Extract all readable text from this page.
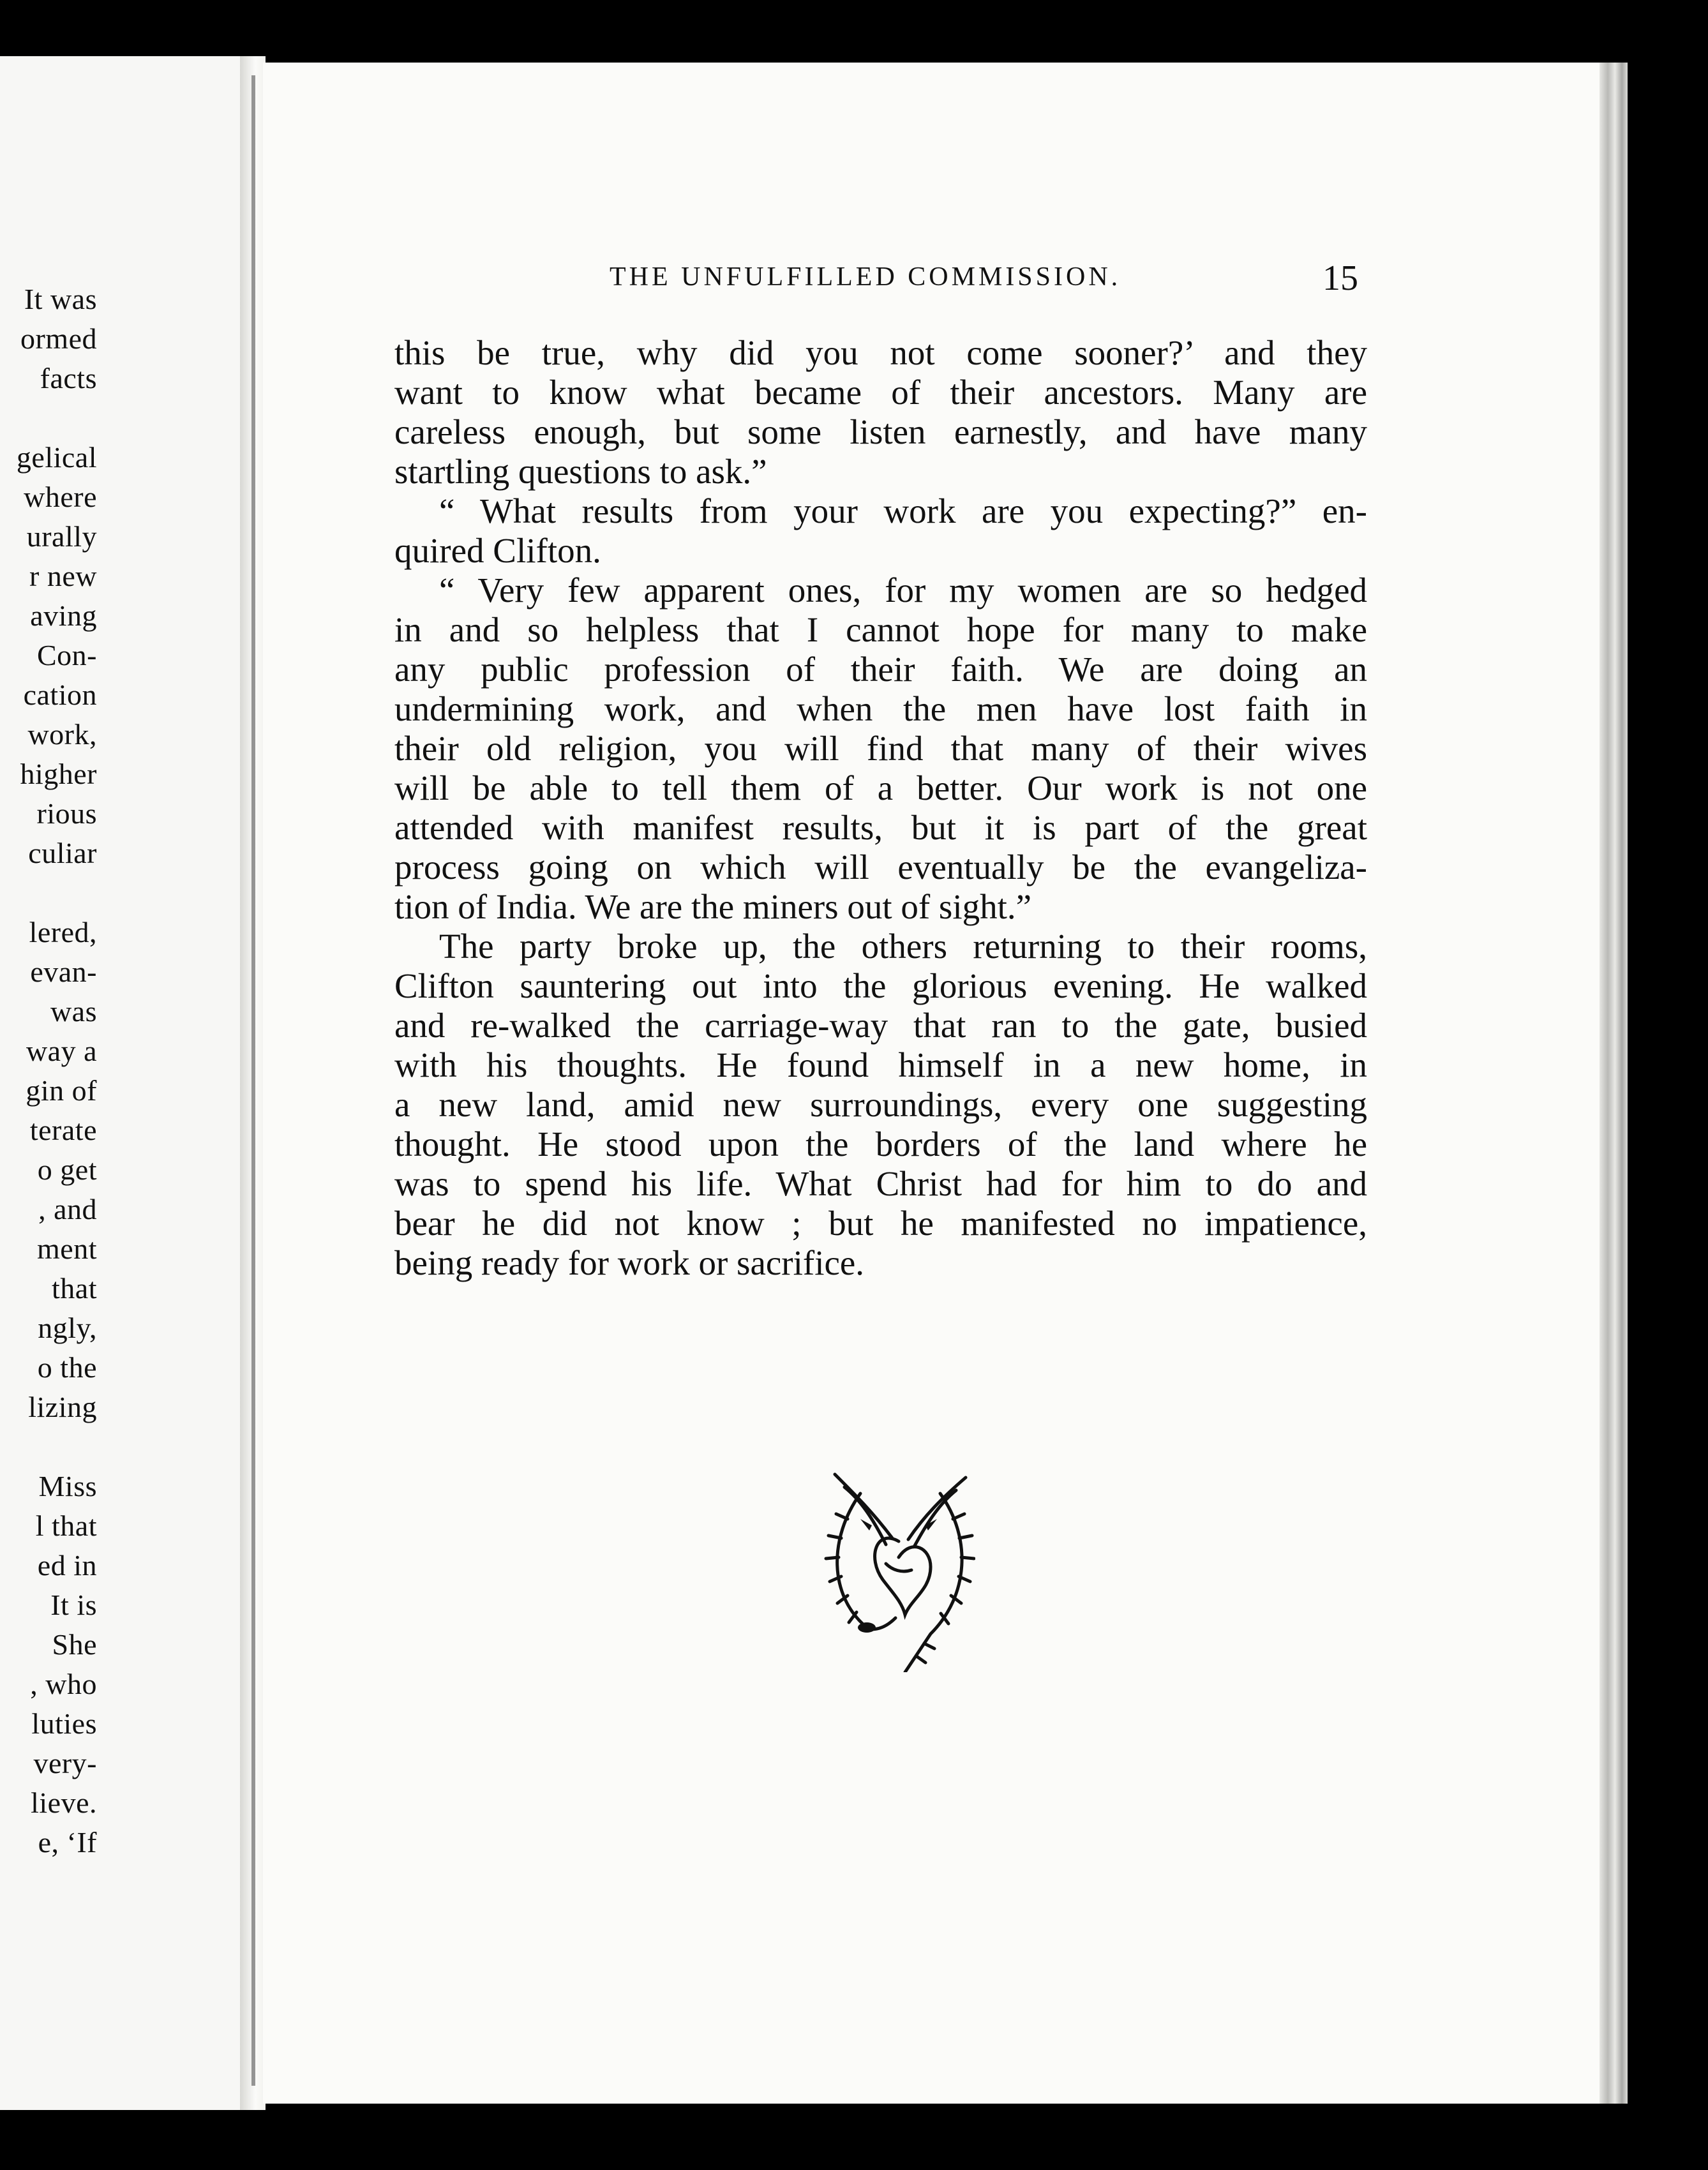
It was
ormed
facts
gelical
where
urally
r new
aving
Con-
cation
work,
higher
rious
culiar
lered,
evan-
was
way a
gin of
terate
o get
, and
ment
that
ngly,
o the
lizing
Miss
l that
ed in
It is
She
, who
luties
very-
lieve.
e, ‘If
THE UNFULFILLED COMMISSION.	15
this be true, why did you not come sooner?’ and they
want to know what became of their ancestors. Many are
careless enough, but some listen earnestly, and have many
startling questions to ask.”
“ What results from your work are you expecting?” en-
quired Clifton.
“ Very few apparent ones, for my women are so hedged
in and so helpless that I cannot hope for many to make
any public profession of their faith. We are doing an
undermining work, and when the men have lost faith in
their old religion, you will find that many of their wives
will be able to tell them of a better. Our work is not one
attended with manifest results, but it is part of the great
process going on which will eventually be the evangeliza-
tion of India. We are the miners out of sight.”
The party broke up, the others returning to their rooms,
Clifton sauntering out into the glorious evening. He walked
and re-walked the carriage-way that ran to the gate, busied
with his thoughts. He found himself in a new home, in
a new land, amid new surroundings, every one suggesting
thought. He stood upon the borders of the land where he
was to spend his life. What Christ had for him to do and
bear he did not know ; but he manifested no impatience,
being ready for work or sacrifice.
